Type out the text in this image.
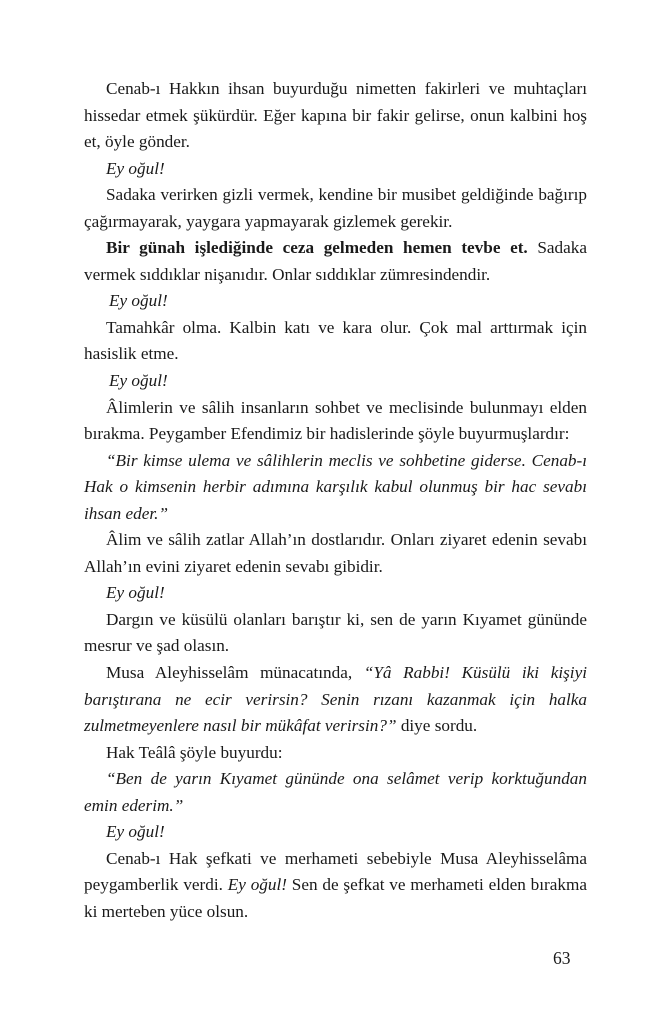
Cenab-ı Hakkın ihsan buyurduğu nimetten fakirleri ve muhtaçları hissedar etmek şükürdür. Eğer kapına bir fakir gelirse, onun kalbini hoş et, öyle gönder.

Ey oğul!

Sadaka verirken gizli vermek, kendine bir musibet geldiğinde bağırıp çağırmayarak, yaygara yapmayarak gizlemek gerekir.

Bir günah işlediğinde ceza gelmeden hemen tevbe et. Sadaka vermek sıddıklar nişanıdır. Onlar sıddıklar zümresindendir.

Ey oğul!

Tamahkâr olma. Kalbin katı ve kara olur. Çok mal arttırmak için hasislik etme.

Ey oğul!

Âlimlerin ve sâlih insanların sohbet ve meclisinde bulunmayı elden bırakma. Peygamber Efendimiz bir hadislerinde şöyle buyurmuşlardır:

“Bir kimse ulema ve sâlihlerin meclis ve sohbetine giderse. Cenab-ı Hak o kimsenin herbir adımına karşılık kabul olunmuş bir hac sevabı ihsan eder.”

Âlim ve sâlih zatlar Allah’ın dostlarıdır. Onları ziyaret edenin sevabı Allah’ın evini ziyaret edenin sevabı gibidir.

Ey oğul!

Dargın ve küsülü olanları barıştır ki, sen de yarın Kıyamet gününde mesrur ve şad olasın.

Musa Aleyhisselâm münacatında, “Yâ Rabbi! Küsülü iki kişiyi barıştırana ne ecir verirsin? Senin rızanı kazanmak için halka zulmetmeyenlere nasıl bir mükâfat verirsin?” diye sordu.

Hak Teâlâ şöyle buyurdu:

“Ben de yarın Kıyamet gününde ona selâmet verip korktuğundan emin ederim.”

Ey oğul!

Cenab-ı Hak şefkati ve merhameti sebebiyle Musa Aleyhisselâma peygamberlik verdi. Ey oğul! Sen de şefkat ve merhameti elden bırakma ki merteben yüce olsun.

63
